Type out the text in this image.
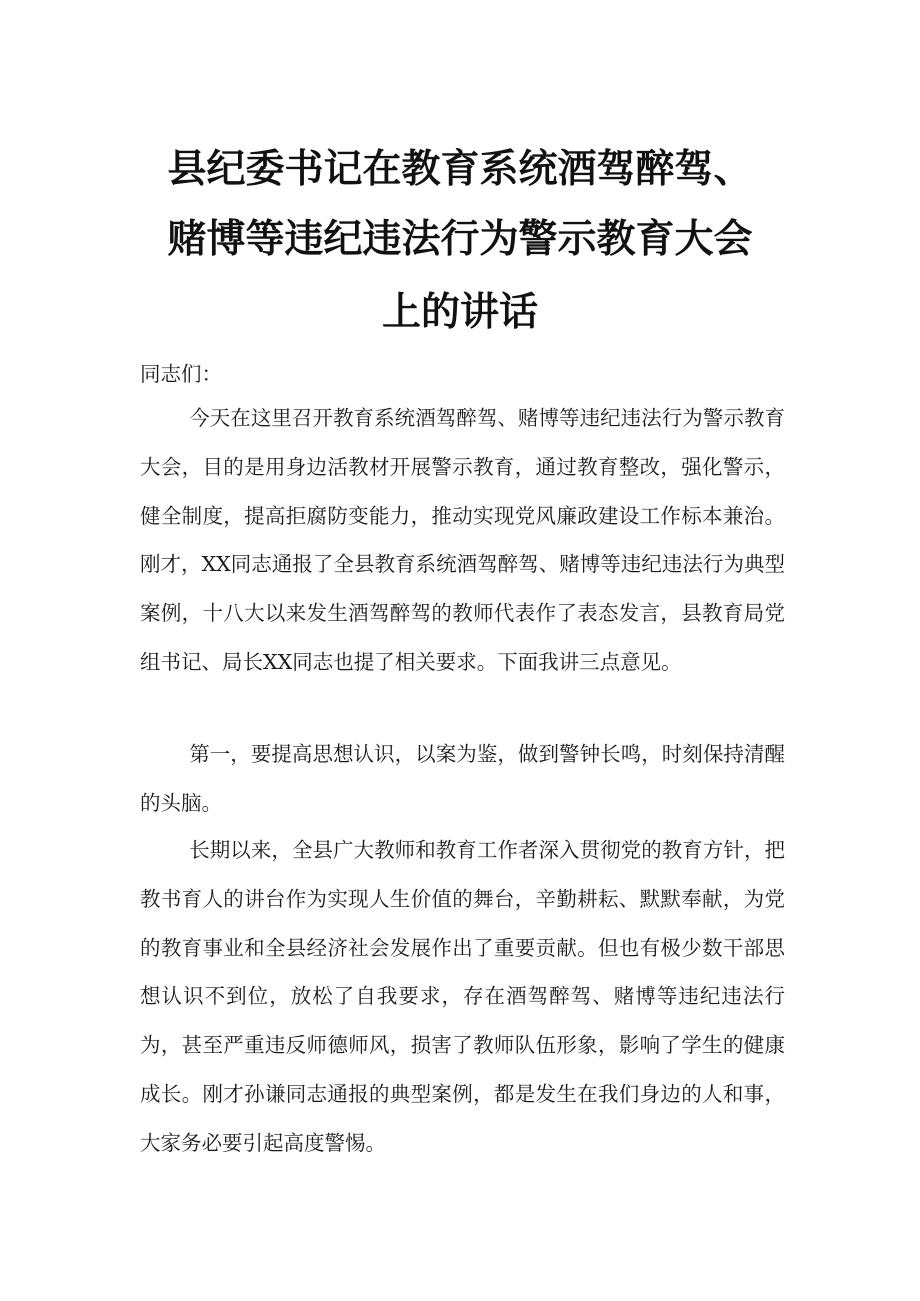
县纪委书记在教育系统酒驾醉驾、
赌博等违纪违法行为警示教育大会
上的讲话

同志们：

今天在这里召开教育系统酒驾醉驾、赌博等违纪违法行为警示教育大会，目的是用身边活教材开展警示教育，通过教育整改，强化警示，健全制度，提高拒腐防变能力，推动实现党风廉政建设工作标本兼治。刚才，XX同志通报了全县教育系统酒驾醉驾、赌博等违纪违法行为典型案例，十八大以来发生酒驾醉驾的教师代表作了表态发言，县教育局党组书记、局长XX同志也提了相关要求。下面我讲三点意见。

第一，要提高思想认识，以案为鉴，做到警钟长鸣，时刻保持清醒的头脑。

长期以来，全县广大教师和教育工作者深入贯彻党的教育方针，把教书育人的讲台作为实现人生价值的舞台，辛勤耕耘、默默奉献，为党的教育事业和全县经济社会发展作出了重要贡献。但也有极少数干部思想认识不到位，放松了自我要求，存在酒驾醉驾、赌博等违纪违法行为，甚至严重违反师德师风，损害了教师队伍形象，影响了学生的健康成长。刚才孙谦同志通报的典型案例，都是发生在我们身边的人和事，大家务必要引起高度警惕。
